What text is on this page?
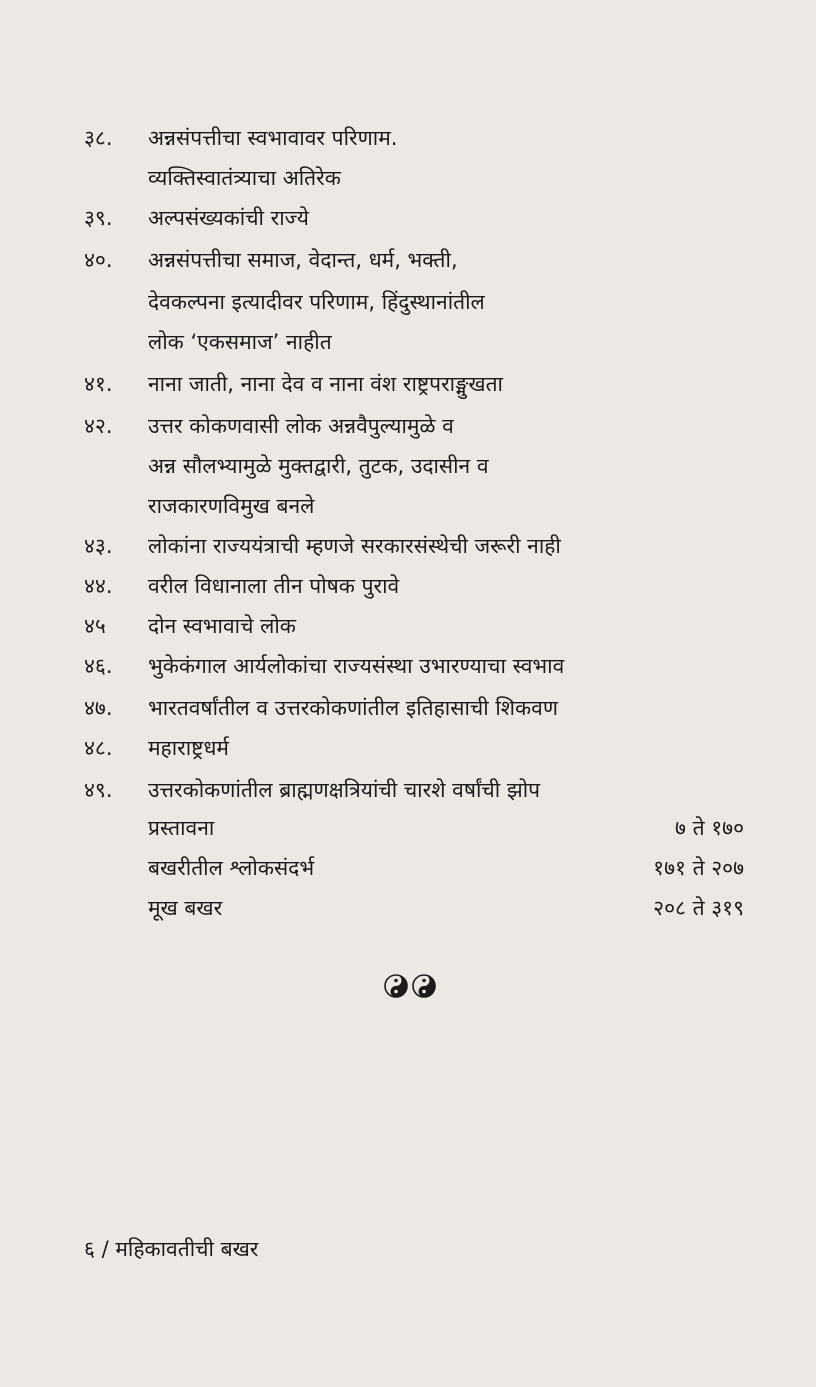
३८. अन्नसंपत्तीचा स्वभावावर परिणाम.
व्यक्तिस्वातंत्र्याचा अतिरेक
३९. अल्पसंख्यकांची राज्ये
४०. अन्नसंपत्तीचा समाज, वेदान्त, धर्म, भक्ती,
देवकल्पना इत्यादीवर परिणाम, हिंदुस्थानांतील
लोक ‘एकसमाज’ नाहीत
४१. नाना जाती, नाना देव व नाना वंश राष्ट्रपराङ्मुखता
४२. उत्तर कोकणवासी लोक अन्नवैपुल्यामुळे व
अन्न सौलभ्यामुळे मुक्तद्वारी, तुटक, उदासीन व
राजकारणविमुख बनले
४३. लोकांना राज्ययंत्राची म्हणजे सरकारसंस्थेची जरूरी नाही
४४. वरील विधानाला तीन पोषक पुरावे
४५ दोन स्वभावाचे लोक
४६. भुकेकंगाल आर्यलोकांचा राज्यसंस्था उभारण्याचा स्वभाव
४७. भारतवर्षांतील व उत्तरकोकणांतील इतिहासाची शिकवण
४८. महाराष्ट्रधर्म
४९. उत्तरकोकणांतील ब्राह्मणक्षत्रियांची चारशे वर्षांची झोप
प्रस्तावना	७ ते १७०
बखरीतील श्लोकसंदर्भ	१७१ ते २०७
मूख बखर	२०८ ते ३१९
६ / महिकावतीची बखर
